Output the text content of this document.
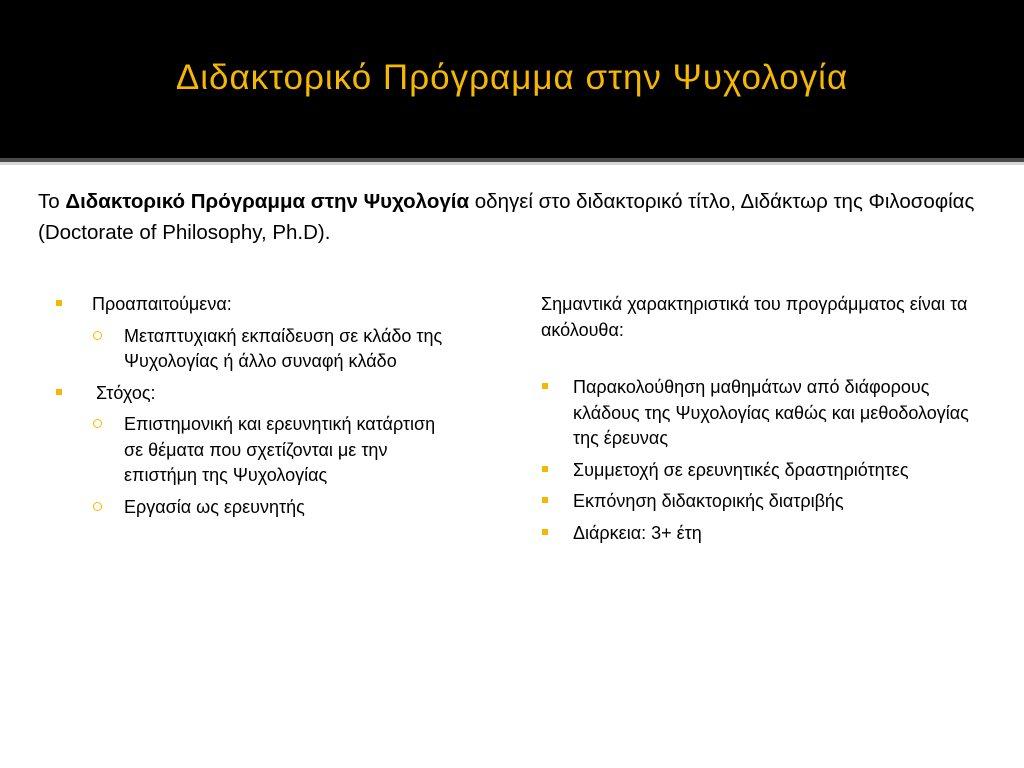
Διδακτορικό Πρόγραμμα στην Ψυχολογία
Το Διδακτορικό Πρόγραμμα στην Ψυχολογία οδηγεί στο διδακτορικό τίτλο, Διδάκτωρ της Φιλοσοφίας (Doctorate of Philosophy, Ph.D).
Προαπαιτούμενα:
Μεταπτυχιακή εκπαίδευση σε κλάδο της Ψυχολογίας ή άλλο συναφή κλάδο
Στόχος:
Επιστημονική και ερευνητική κατάρτιση σε θέματα που σχετίζονται με την επιστήμη της Ψυχολογίας
Εργασία ως ερευνητής
Σημαντικά χαρακτηριστικά του προγράμματος είναι τα ακόλουθα:
Παρακολούθηση μαθημάτων από διάφορους κλάδους της Ψυχολογίας καθώς και μεθοδολογίας της έρευνας
Συμμετοχή σε ερευνητικές δραστηριότητες
Εκπόνηση διδακτορικής διατριβής
Διάρκεια: 3+ έτη
